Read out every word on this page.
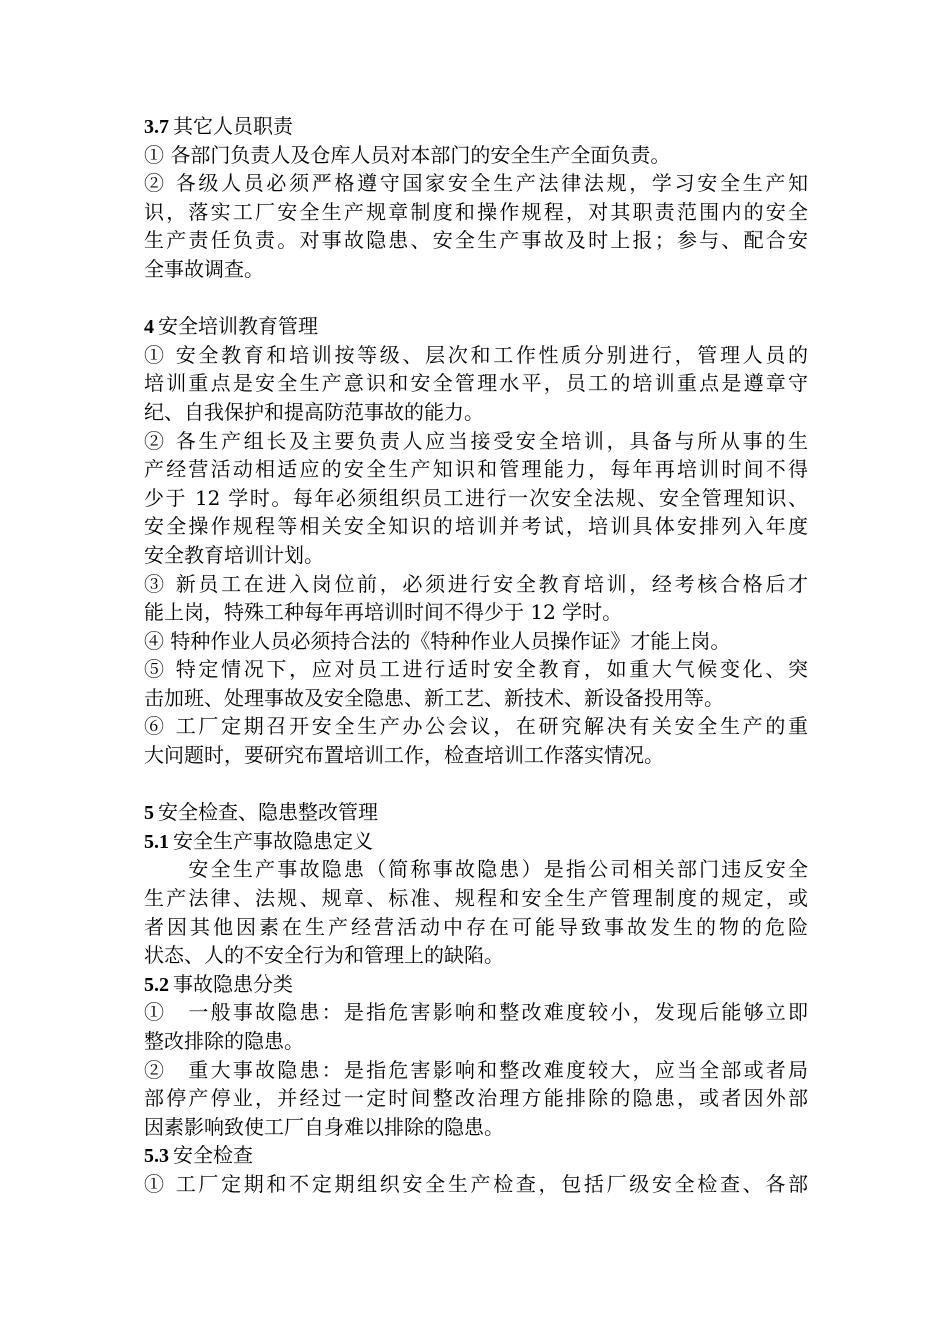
3.7 其它人员职责
① 各部门负责人及仓库人员对本部门的安全生产全面负责。
② 各级人员必须严格遵守国家安全生产法律法规，学习安全生产知
识，落实工厂安全生产规章制度和操作规程，对其职责范围内的安全
生产责任负责。对事故隐患、安全生产事故及时上报；参与、配合安
全事故调查。
4 安全培训教育管理
① 安全教育和培训按等级、层次和工作性质分别进行，管理人员的
培训重点是安全生产意识和安全管理水平，员工的培训重点是遵章守
纪、自我保护和提高防范事故的能力。
② 各生产组长及主要负责人应当接受安全培训，具备与所从事的生
产经营活动相适应的安全生产知识和管理能力，每年再培训时间不得
少于 12 学时。每年必须组织员工进行一次安全法规、安全管理知识、
安全操作规程等相关安全知识的培训并考试，培训具体安排列入年度
安全教育培训计划。
③ 新员工在进入岗位前，必须进行安全教育培训，经考核合格后才
能上岗，特殊工种每年再培训时间不得少于 12 学时。
④ 特种作业人员必须持合法的《特种作业人员操作证》才能上岗。
⑤ 特定情况下，应对员工进行适时安全教育，如重大气候变化、突
击加班、处理事故及安全隐患、新工艺、新技术、新设备投用等。
⑥ 工厂定期召开安全生产办公会议，在研究解决有关安全生产的重
大问题时，要研究布置培训工作，检查培训工作落实情况。
5 安全检查、隐患整改管理
5.1 安全生产事故隐患定义
　　安全生产事故隐患（简称事故隐患）是指公司相关部门违反安全
生产法律、法规、规章、标准、规程和安全生产管理制度的规定，或
者因其他因素在生产经营活动中存在可能导致事故发生的物的危险
状态、人的不安全行为和管理上的缺陷。
5.2 事故隐患分类
①　一般事故隐患：是指危害影响和整改难度较小，发现后能够立即
整改排除的隐患。
②　重大事故隐患：是指危害影响和整改难度较大，应当全部或者局
部停产停业，并经过一定时间整改治理方能排除的隐患，或者因外部
因素影响致使工厂自身难以排除的隐患。
5.3 安全检查
① 工厂定期和不定期组织安全生产检查，包括厂级安全检查、各部
